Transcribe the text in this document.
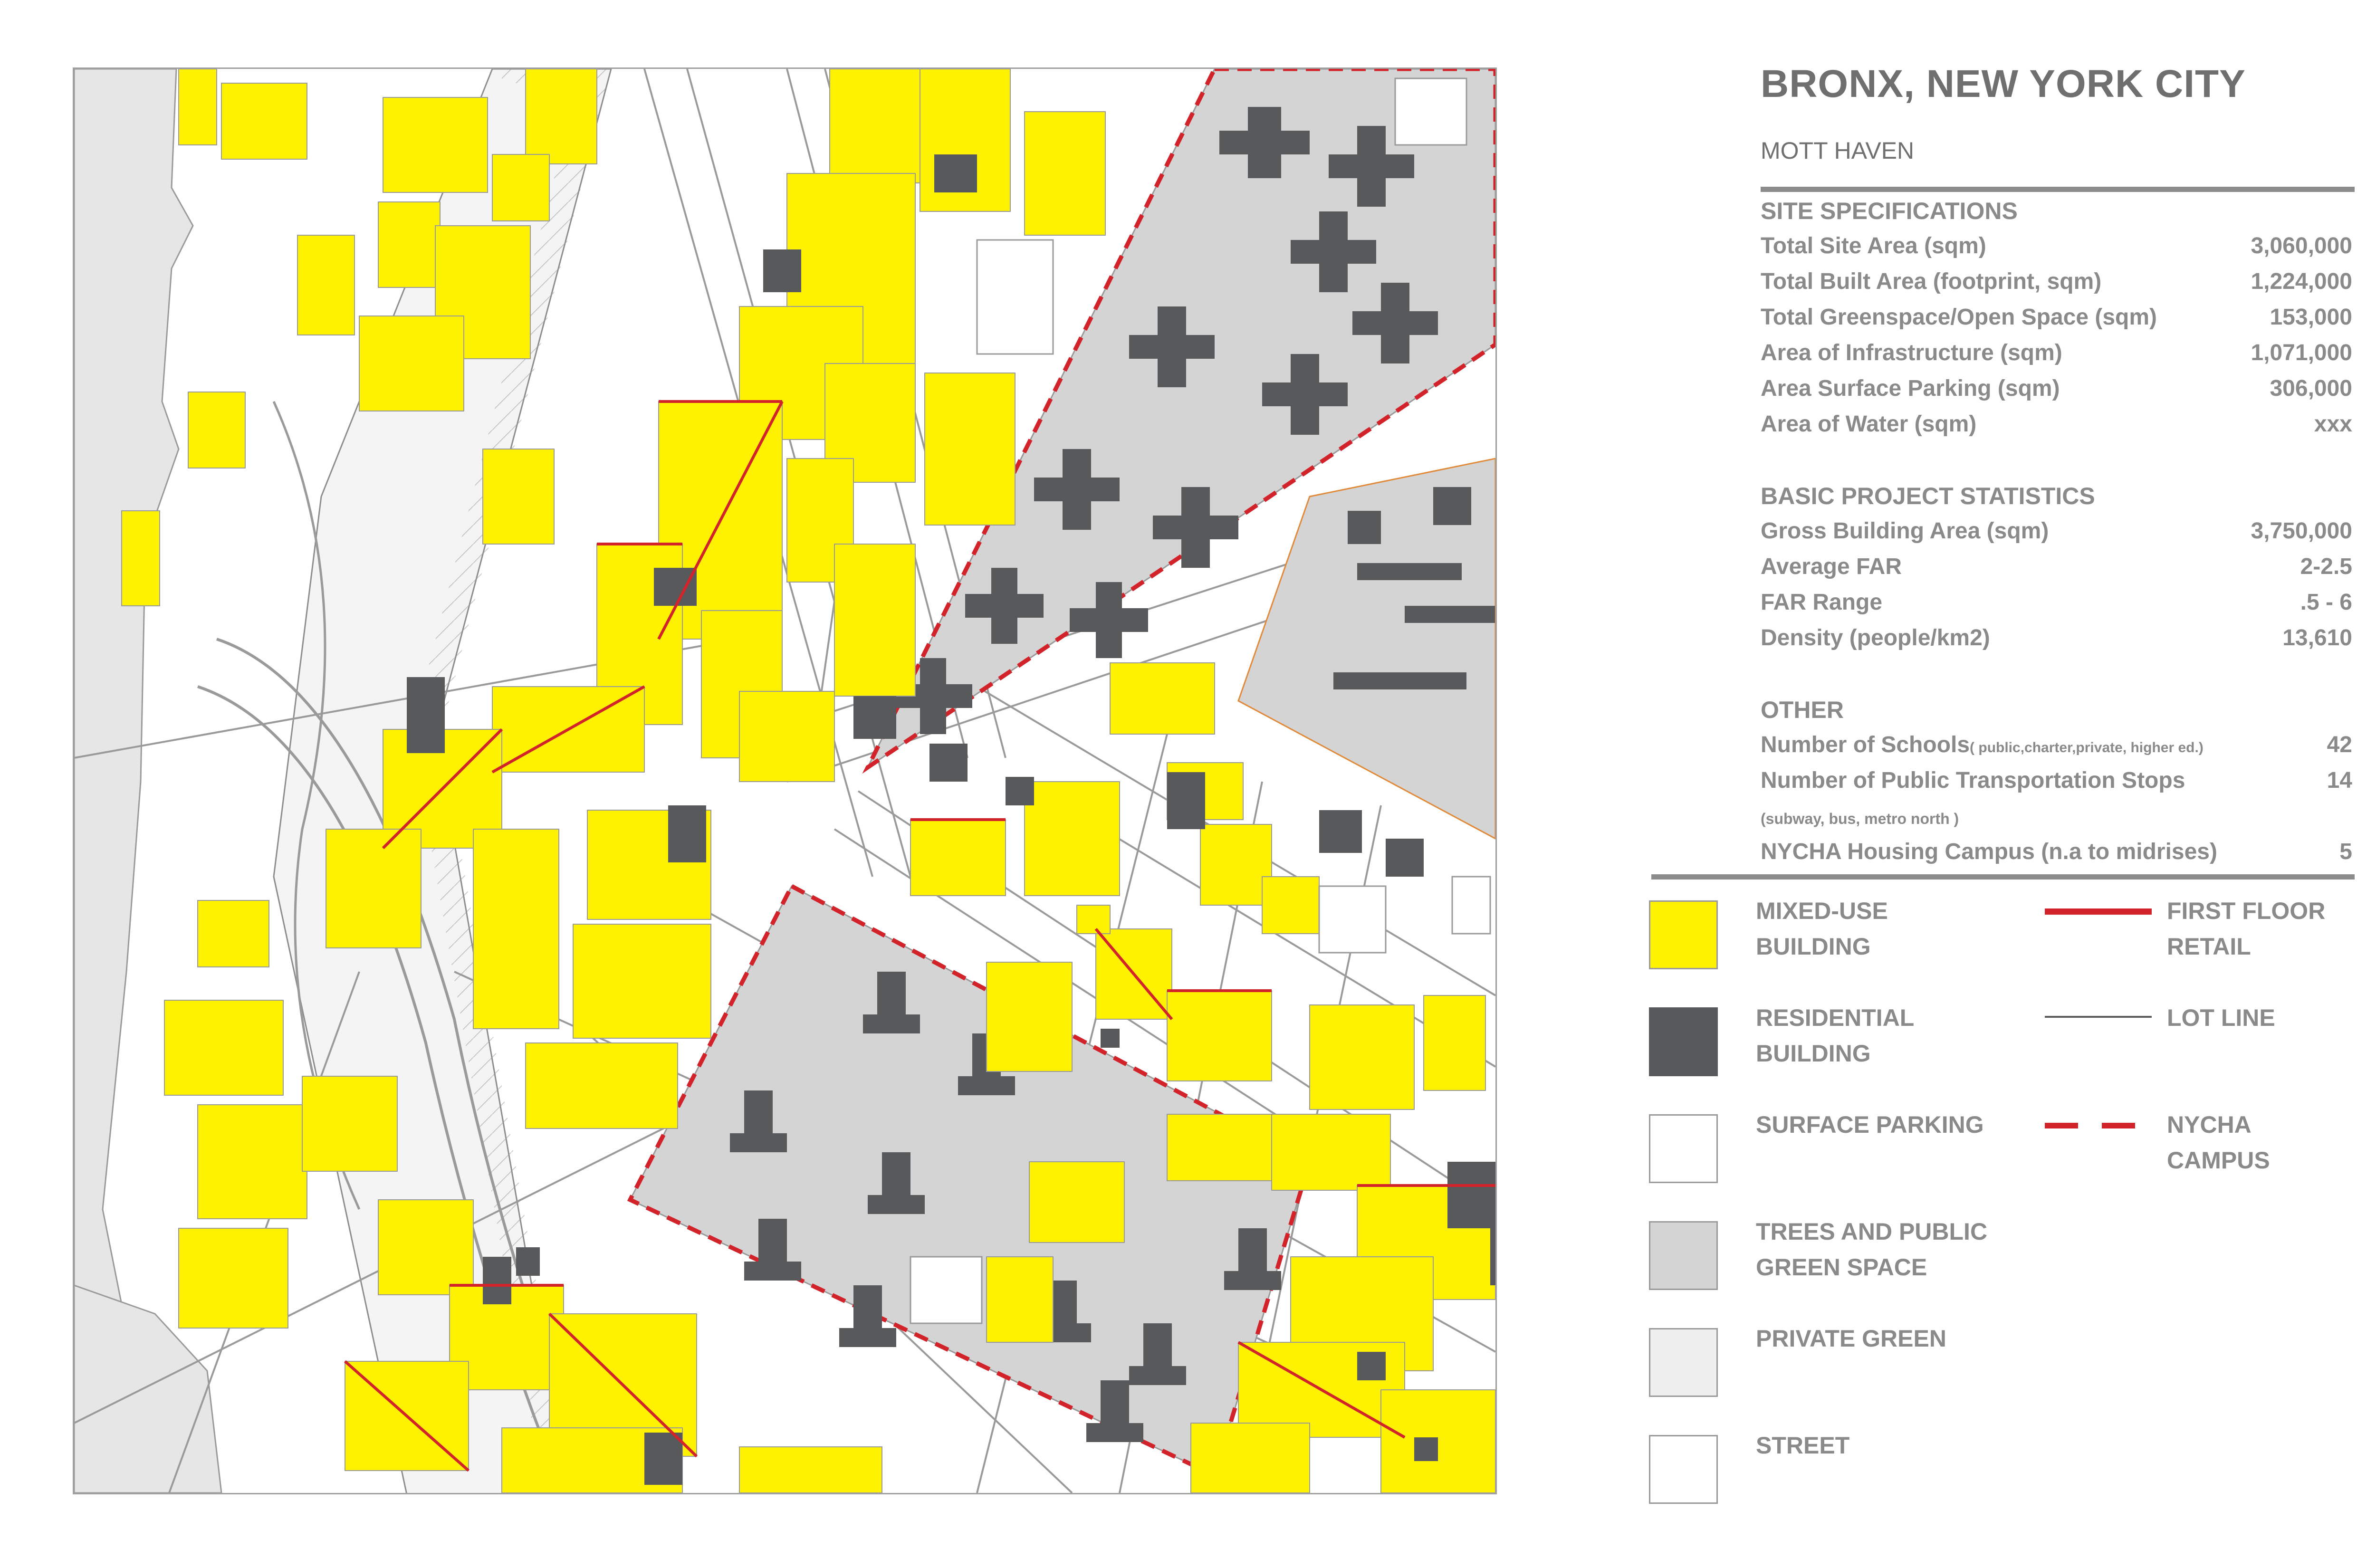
BRONX, NEW YORK CITY
MOTT HAVEN
SITE SPECIFICATIONS
Total Site Area (sqm)	3,060,000
Total Built Area (footprint, sqm)	1,224,000
Total Greenspace/Open Space (sqm)	153,000
Area of Infrastructure (sqm)	1,071,000
Area Surface Parking (sqm)	306,000
Area of Water (sqm)	xxx
BASIC PROJECT STATISTICS
Gross Building Area (sqm)	3,750,000
Average FAR	2-2.5
FAR Range	.5 - 6
Density (people/km2)	13,610
OTHER
Number of Schools( public,charter,private, higher ed.)	42
Number of Public Transportation Stops	14
(subway, bus, metro north )
NYCHA Housing Campus (n.a to midrises)	5
MIXED-USE
BUILDING
RESIDENTIAL
BUILDING
SURFACE PARKING
TREES AND PUBLIC
GREEN SPACE
PRIVATE GREEN
STREET
FIRST FLOOR
RETAIL
LOT LINE
NYCHA
CAMPUS
